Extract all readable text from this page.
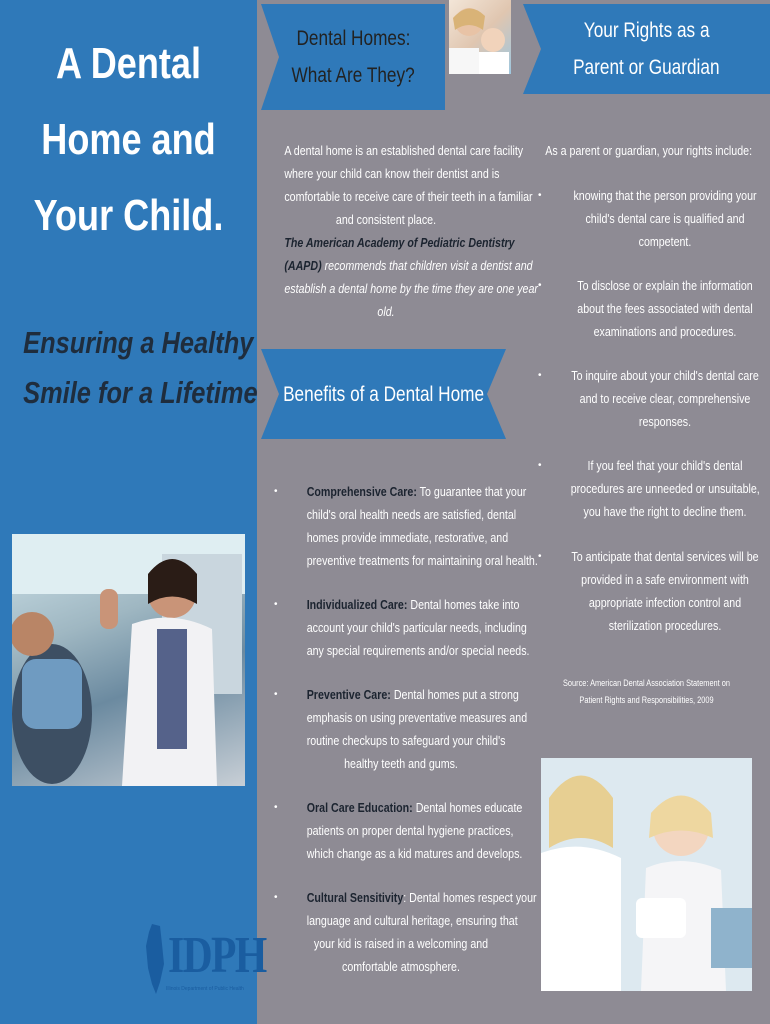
A Dental
Home and
Your Child.
Ensuring a Healthy
Smile for a Lifetime
IDPH
Illinois Department of Public Health
Dental Homes:
What Are They?
A dental home is an established dental care facility
where your child can know their dentist and is
comfortable to receive care of their teeth in a familiar
and consistent place.
The American Academy of Pediatric Dentistry
(AAPD) recommends that children visit a dentist and
establish a dental home by the time they are one year
old.
Benefits of a Dental Home
• Comprehensive Care: To guarantee that your
child's oral health needs are satisfied, dental
homes provide immediate, restorative, and
preventive treatments for maintaining oral health.
• Individualized Care: Dental homes take into
account your child's particular needs, including
any special requirements and/or special needs.
• Preventive Care: Dental homes put a strong
emphasis on using preventative measures and
routine checkups to safeguard your child's
healthy teeth and gums.
• Oral Care Education: Dental homes educate
patients on proper dental hygiene practices,
which change as a kid matures and develops.
• Cultural Sensitivity: Dental homes respect your
language and cultural heritage, ensuring that
your kid is raised in a welcoming and
comfortable atmosphere.
Your Rights as a
Parent or Guardian
As a parent or guardian, your rights include:
• knowing that the person providing your
child's dental care is qualified and
competent.
•	To disclose or explain the information
about the fees associated with dental
examinations and procedures.
• To inquire about your child's dental care
and to receive clear, comprehensive
responses.
•	If you feel that your child's dental
procedures are unneeded or unsuitable,
you have the right to decline them.
• To anticipate that dental services will be
provided in a safe environment with
appropriate infection control and
sterilization procedures.
Source: American Dental Association Statement on
Patient Rights and Responsibilities, 2009
